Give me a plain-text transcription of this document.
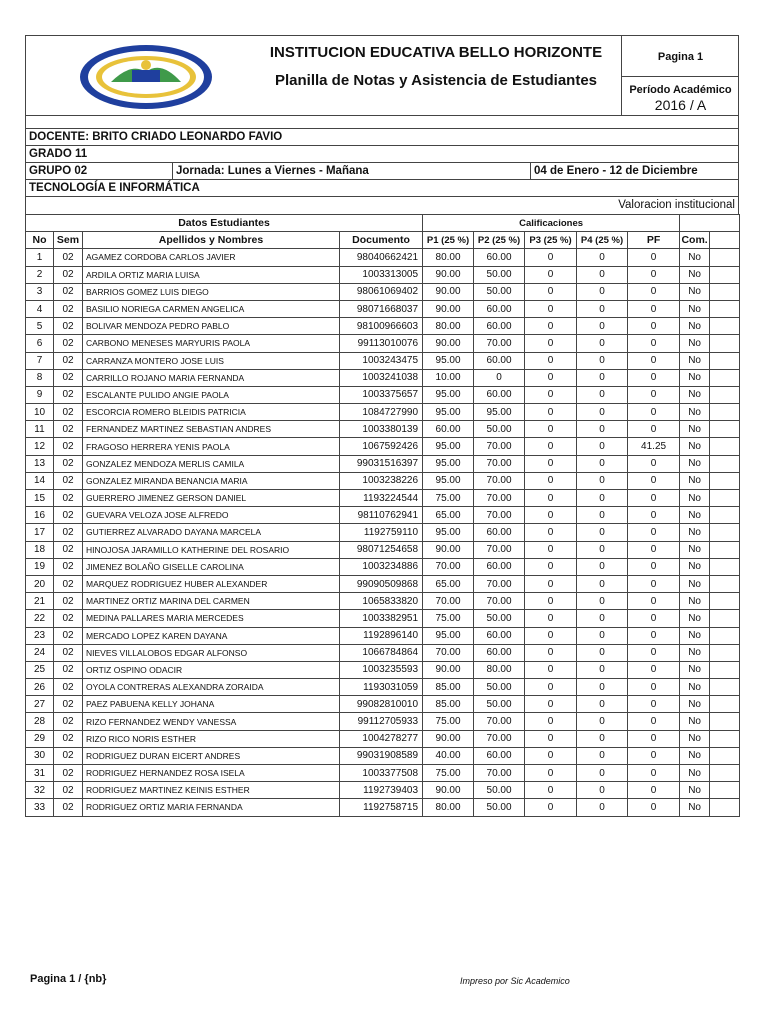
INSTITUCION EDUCATIVA BELLO HORIZONTE
Planilla de Notas y Asistencia de Estudiantes
Pagina 1
Período Académico
2016 / A
DOCENTE: BRITO CRIADO LEONARDO FAVIO
GRADO 11
GRUPO 02	Jornada: Lunes a Viernes - Mañana	04 de Enero - 12 de Diciembre
TECNOLOGÍA E INFORMÁTICA
Valoracion institucional
Datos Estudiantes				Calificaciones						
No	Sem	Apellidos y Nombres	Documento	P1 (25 %)	P2 (25 %)	P3 (25 %)	P4 (25 %)	PF	Com.	
1	02	AGAMEZ CORDOBA CARLOS JAVIER	98040662421	80.00	60.00	0	0	0	No	
2	02	ARDILA ORTIZ MARIA LUISA	1003313005	90.00	50.00	0	0	0	No	
3	02	BARRIOS GOMEZ LUIS DIEGO	98061069402	90.00	50.00	0	0	0	No	
4	02	BASILIO NORIEGA CARMEN ANGELICA	98071668037	90.00	60.00	0	0	0	No	
5	02	BOLIVAR MENDOZA PEDRO PABLO	98100966603	80.00	60.00	0	0	0	No	
6	02	CARBONO MENESES MARYURIS PAOLA	99113010076	90.00	70.00	0	0	0	No	
7	02	CARRANZA MONTERO JOSE LUIS	1003243475	95.00	60.00	0	0	0	No	
8	02	CARRILLO ROJANO MARIA FERNANDA	1003241038	10.00	0	0	0	0	No	
9	02	ESCALANTE PULIDO ANGIE PAOLA	1003375657	95.00	60.00	0	0	0	No	
10	02	ESCORCIA ROMERO BLEIDIS PATRICIA	1084727990	95.00	95.00	0	0	0	No	
11	02	FERNANDEZ MARTINEZ SEBASTIAN ANDRES	1003380139	60.00	50.00	0	0	0	No	
12	02	FRAGOSO HERRERA YENIS PAOLA	1067592426	95.00	70.00	0	0	41.25	No	
13	02	GONZALEZ MENDOZA MERLIS CAMILA	99031516397	95.00	70.00	0	0	0	No	
14	02	GONZALEZ MIRANDA BENANCIA MARIA	1003238226	95.00	70.00	0	0	0	No	
15	02	GUERRERO JIMENEZ GERSON DANIEL	1193224544	75.00	70.00	0	0	0	No	
16	02	GUEVARA VELOZA JOSE ALFREDO	98110762941	65.00	70.00	0	0	0	No	
17	02	GUTIERREZ ALVARADO DAYANA MARCELA	1192759110	95.00	60.00	0	0	0	No	
18	02	HINOJOSA JARAMILLO KATHERINE DEL ROSARIO	98071254658	90.00	70.00	0	0	0	No	
19	02	JIMENEZ BOLAÑO GISELLE CAROLINA	1003234886	70.00	60.00	0	0	0	No	
20	02	MARQUEZ RODRIGUEZ HUBER ALEXANDER	99090509868	65.00	70.00	0	0	0	No	
21	02	MARTINEZ ORTIZ MARINA DEL CARMEN	1065833820	70.00	70.00	0	0	0	No	
22	02	MEDINA PALLARES MARIA MERCEDES	1003382951	75.00	50.00	0	0	0	No	
23	02	MERCADO LOPEZ KAREN DAYANA	1192896140	95.00	60.00	0	0	0	No	
24	02	NIEVES VILLALOBOS EDGAR ALFONSO	1066784864	70.00	60.00	0	0	0	No	
25	02	ORTIZ OSPINO ODACIR	1003235593	90.00	80.00	0	0	0	No	
26	02	OYOLA CONTRERAS ALEXANDRA ZORAIDA	1193031059	85.00	50.00	0	0	0	No	
27	02	PAEZ PABUENA KELLY JOHANA	99082810010	85.00	50.00	0	0	0	No	
28	02	RIZO FERNANDEZ WENDY VANESSA	99112705933	75.00	70.00	0	0	0	No	
29	02	RIZO RICO NORIS ESTHER	1004278277	90.00	70.00	0	0	0	No	
30	02	RODRIGUEZ DURAN EICERT ANDRES	99031908589	40.00	60.00	0	0	0	No	
31	02	RODRIGUEZ HERNANDEZ ROSA ISELA	1003377508	75.00	70.00	0	0	0	No	
32	02	RODRIGUEZ MARTINEZ KEINIS ESTHER	1192739403	90.00	50.00	0	0	0	No	
33	02	RODRIGUEZ ORTIZ MARIA FERNANDA	1192758715	80.00	50.00	0	0	0	No	
Pagina 1 / {nb}	Impreso por Sic Academico
